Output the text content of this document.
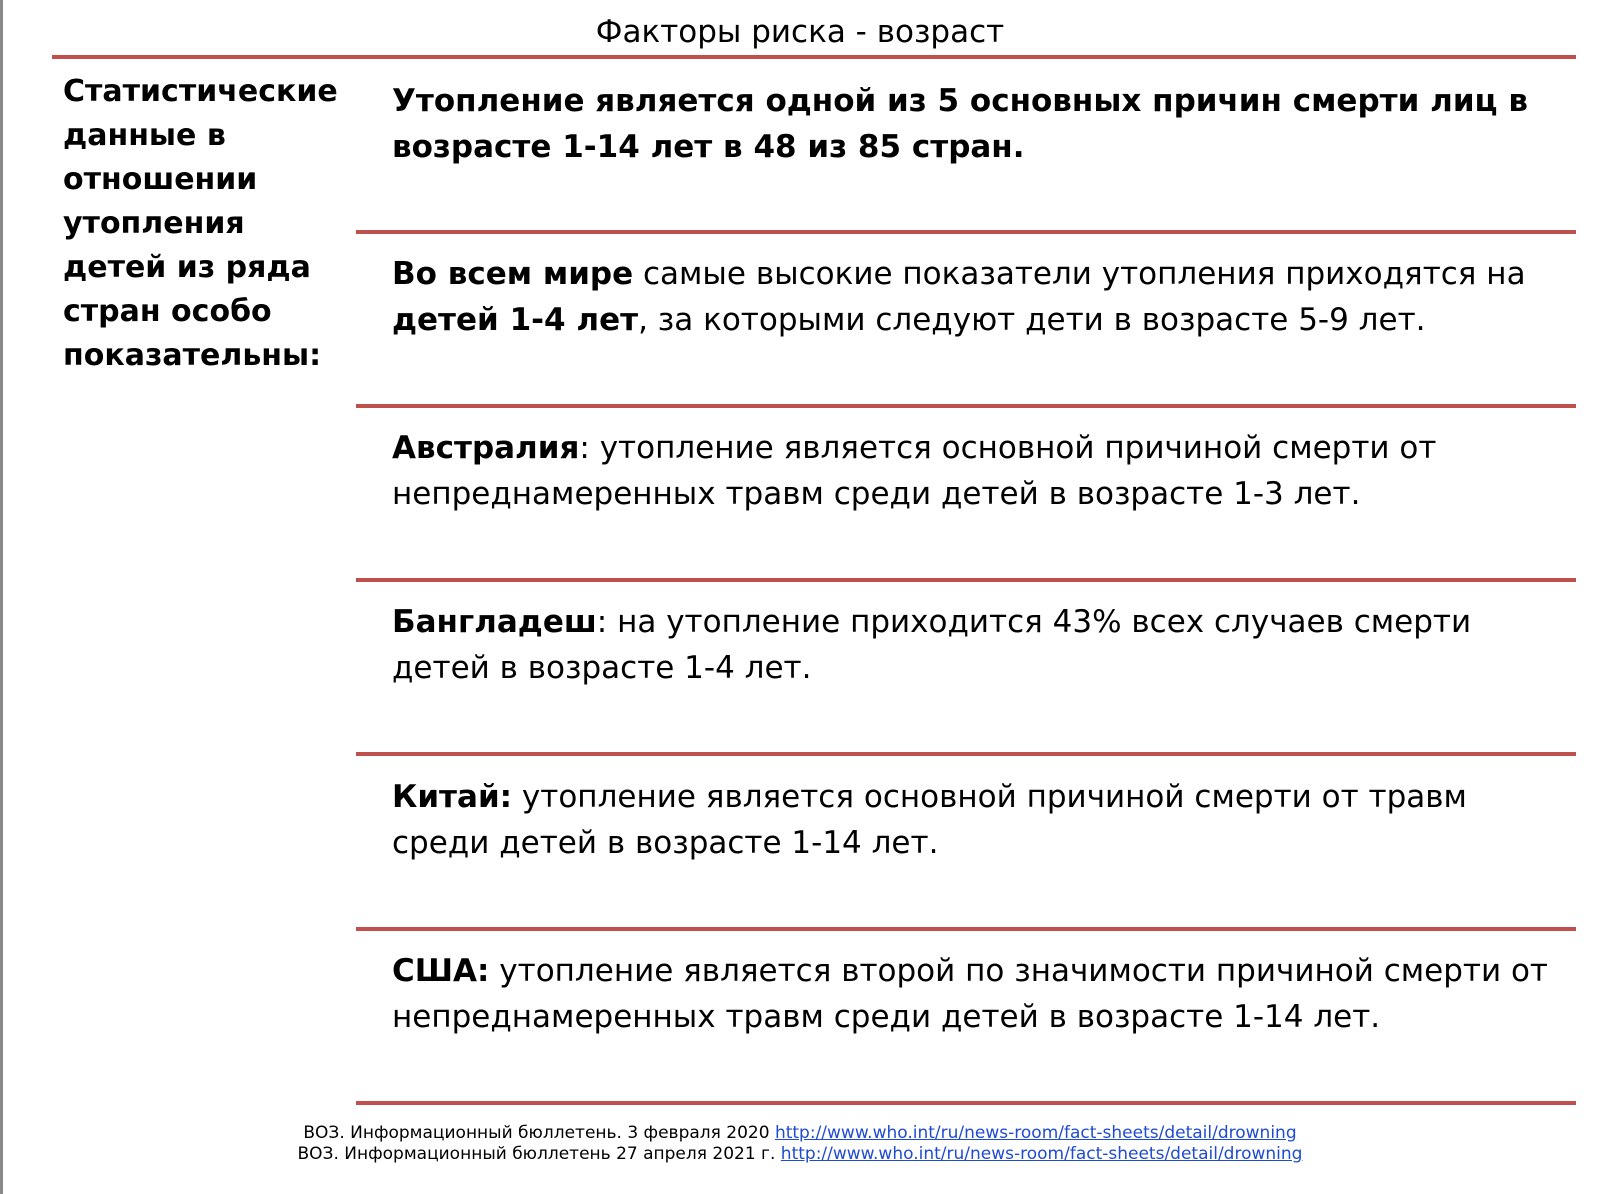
Факторы риска - возраст
Статистические данные в отношении утопления детей из ряда стран особо показательны:
Утопление является одной из 5 основных причин смерти лиц в возрасте 1-14 лет в 48 из 85 стран.
Во всем мире самые высокие показатели утопления приходятся на детей 1-4 лет, за которыми следуют дети в возрасте 5-9 лет.
Австралия: утопление является основной причиной смерти от непреднамеренных травм среди детей в возрасте 1-3 лет.
Бангладеш: на утопление приходится 43% всех случаев смерти детей в возрасте 1-4 лет.
Китай: утопление является основной причиной смерти от травм среди детей в возрасте 1-14 лет.
США: утопление является второй по значимости причиной смерти от непреднамеренных травм среди детей в возрасте 1-14 лет.
ВОЗ. Информационный бюллетень. 3 февраля 2020 http://www.who.int/ru/news-room/fact-sheets/detail/drowning
ВОЗ. Информационный бюллетень 27 апреля 2021 г. http://www.who.int/ru/news-room/fact-sheets/detail/drowning
